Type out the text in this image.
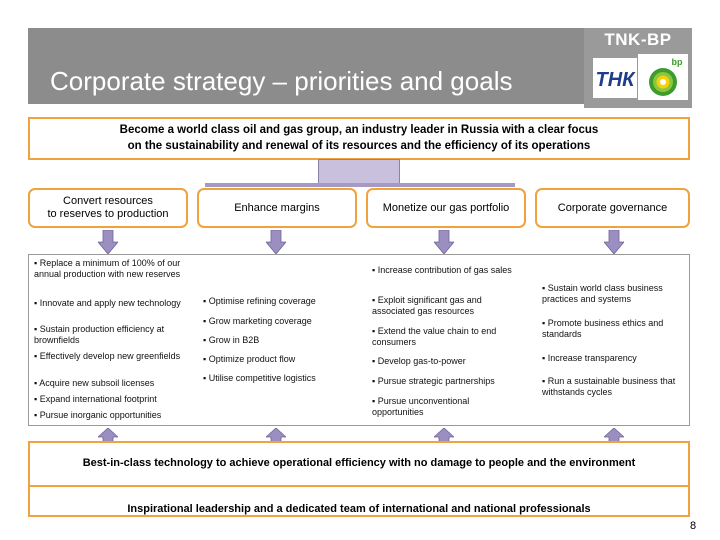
Corporate strategy – priorities and goals
TNK-BP
ТНК
bp
Become a world class oil and gas group, an industry leader in Russia with a clear focus
on the sustainability and renewal of its resources and the efficiency of its operations
Convert resources
to reserves to production
Enhance margins	Monetize our gas portfolio	Corporate governance
▪ Replace a minimum of 100% of our annual production with new reserves
▪ Innovate and apply new technology
▪ Sustain production efficiency at brownfields
▪ Effectively develop new greenfields
▪ Acquire new subsoil licenses
▪ Expand international footprint
▪ Pursue inorganic opportunities
▪ Optimise refining coverage
▪ Grow marketing coverage
▪ Grow in B2B
▪ Optimize product flow
▪ Utilise competitive logistics
▪ Increase contribution of gas sales
▪ Exploit significant gas and associated gas resources
▪ Extend the value chain to end consumers
▪ Develop gas-to-power
▪ Pursue strategic partnerships
▪ Pursue unconventional opportunities
▪ Sustain world class business practices and systems
▪ Promote business ethics and standards
▪ Increase transparency
▪ Run a sustainable business that withstands cycles
Best-in-class technology to achieve operational efficiency with no damage to people and the environment
Inspirational leadership and a dedicated team of international and national professionals
8
